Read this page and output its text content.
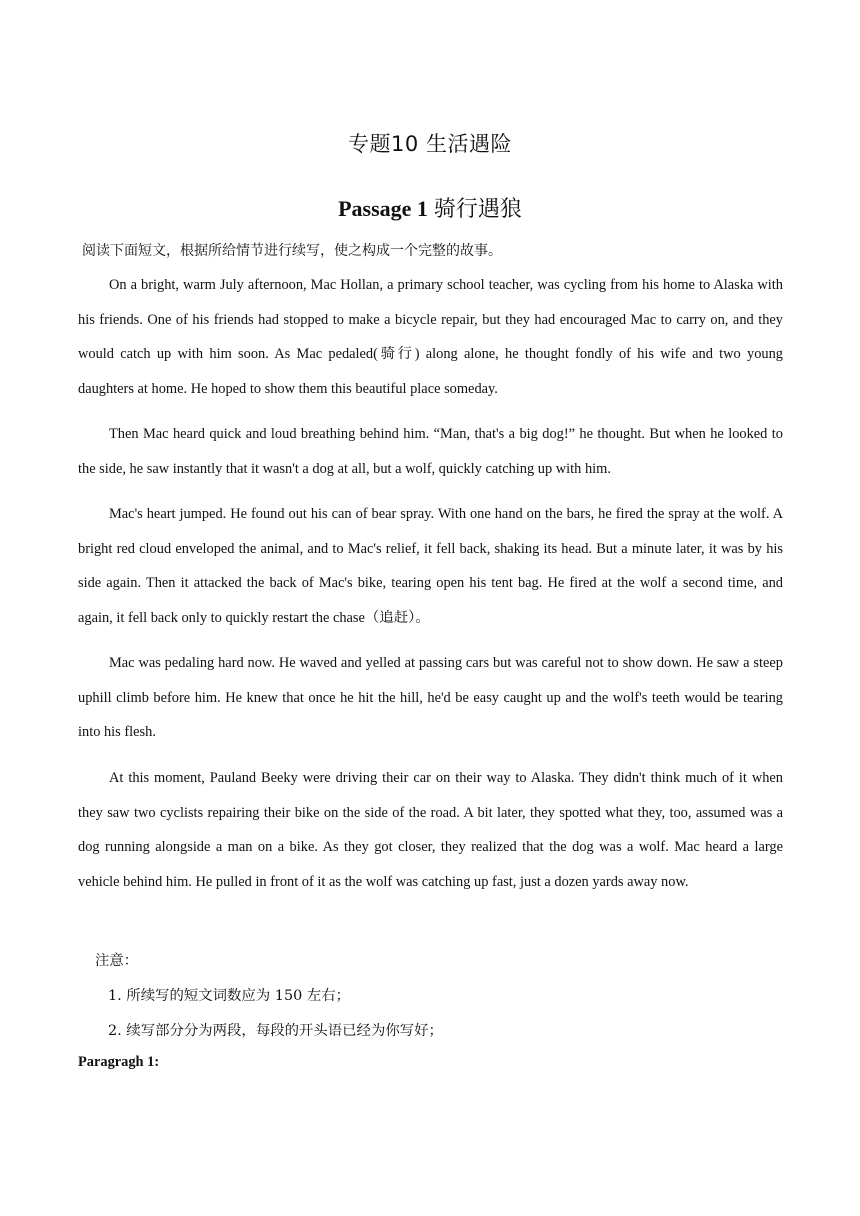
专题10 生活遇险
Passage 1 骑行遇狼
阅读下面短文，根据所给情节进行续写，使之构成一个完整的故事。

On a bright, warm July afternoon, Mac Hollan, a primary school teacher, was cycling from his home to Alaska with his friends. One of his friends had stopped to make a bicycle repair, but they had encouraged Mac to carry on, and they would catch up with him soon. As Mac pedaled(骑行) along alone, he thought fondly of his wife and two young daughters at home. He hoped to show them this beautiful place someday.

Then Mac heard quick and loud breathing behind him. “Man, that's a big dog!” he thought. But when he looked to the side, he saw instantly that it wasn't a dog at all, but a wolf, quickly catching up with him.

Mac's heart jumped. He found out his can of bear spray. With one hand on the bars, he fired the spray at the wolf. A bright red cloud enveloped the animal, and to Mac's relief, it fell back, shaking its head. But a minute later, it was by his side again. Then it attacked the back of Mac's bike, tearing open his tent bag. He fired at the wolf a second time, and again, it fell back only to quickly restart the chase（追赶）。

Mac was pedaling hard now. He waved and yelled at passing cars but was careful not to show down. He saw a steep uphill climb before him. He knew that once he hit the hill, he'd be easy caught up and the wolf's teeth would be tearing into his flesh.

At this moment, Pauland Beeky were driving their car on their way to Alaska. They didn't think much of it when they saw two cyclists repairing their bike on the side of the road. A bit later, they spotted what they, too, assumed was a dog running alongside a man on a bike. As they got closer, they realized that the dog was a wolf. Mac heard a large vehicle behind him. He pulled in front of it as the wolf was catching up fast, just a dozen yards away now.

注意：
1. 所续写的短文词数应为 150 左右；
2. 续写部分分为两段，每段的开头语已经为你写好；
Paragragh 1:
